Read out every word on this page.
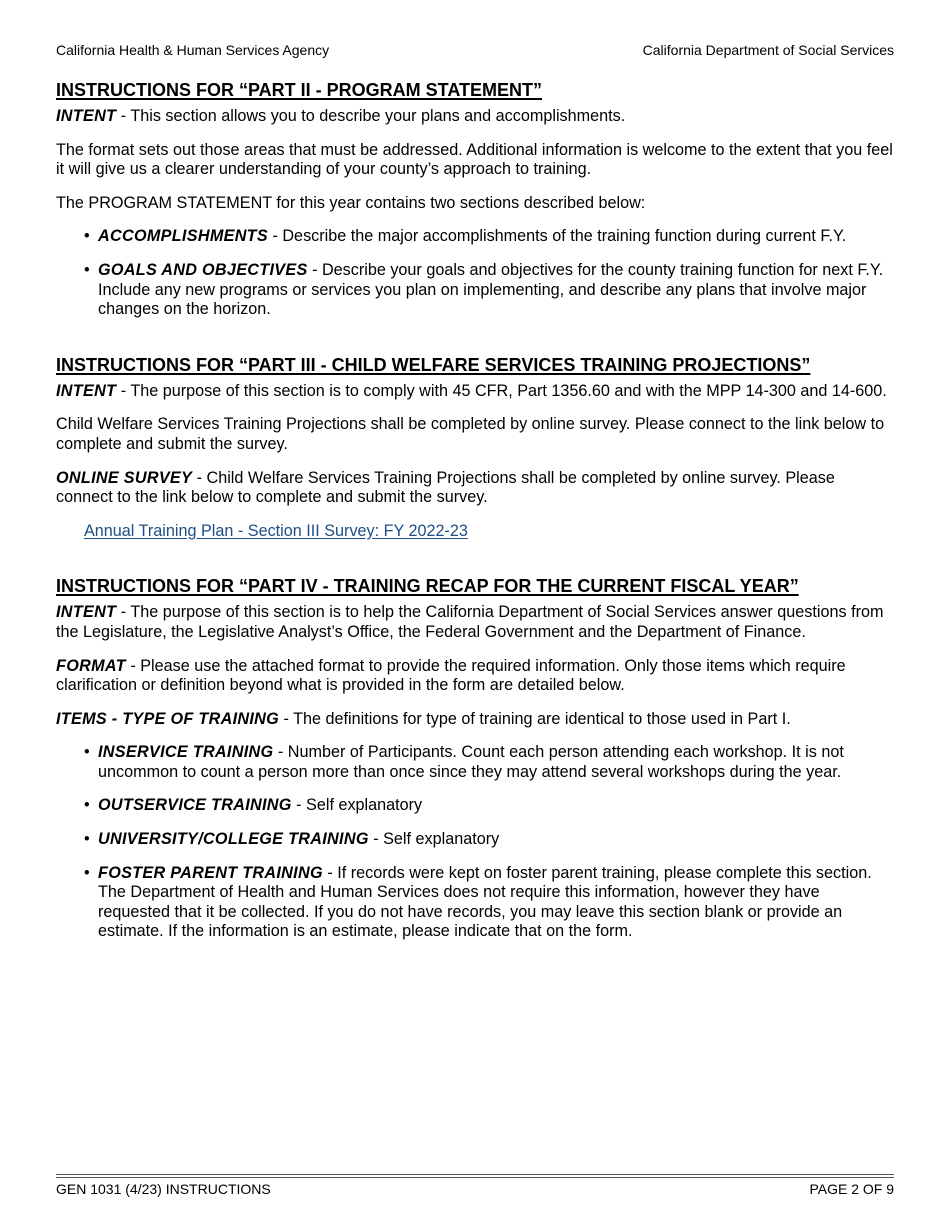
California Health & Human Services Agency	California Department of Social Services
INSTRUCTIONS FOR “PART II - PROGRAM STATEMENT”

INTENT - This section allows you to describe your plans and accomplishments.

The format sets out those areas that must be addressed. Additional information is welcome to the extent that you feel it will give us a clearer understanding of your county’s approach to training.

The PROGRAM STATEMENT for this year contains two sections described below:

• ACCOMPLISHMENTS - Describe the major accomplishments of the training function during current F.Y.
• GOALS AND OBJECTIVES - Describe your goals and objectives for the county training function for next F.Y. Include any new programs or services you plan on implementing, and describe any plans that involve major changes on the horizon.
INSTRUCTIONS FOR “PART III - CHILD WELFARE SERVICES TRAINING PROJECTIONS”

INTENT - The purpose of this section is to comply with 45 CFR, Part 1356.60 and with the MPP 14-300 and 14-600.

Child Welfare Services Training Projections shall be completed by online survey. Please connect to the link below to complete and submit the survey.

ONLINE SURVEY - Child Welfare Services Training Projections shall be completed by online survey. Please connect to the link below to complete and submit the survey.

Annual Training Plan - Section III Survey: FY 2022-23

INSTRUCTIONS FOR “PART IV - TRAINING RECAP FOR THE CURRENT FISCAL YEAR”

INTENT - The purpose of this section is to help the California Department of Social Services answer questions from the Legislature, the Legislative Analyst’s Office, the Federal Government and the Department of Finance.

FORMAT - Please use the attached format to provide the required information. Only those items which require clarification or definition beyond what is provided in the form are detailed below.

ITEMS - TYPE OF TRAINING - The definitions for type of training are identical to those used in Part I.

• INSERVICE TRAINING - Number of Participants. Count each person attending each workshop. It is not uncommon to count a person more than once since they may attend several workshops during the year.
• OUTSERVICE TRAINING - Self explanatory
• UNIVERSITY/COLLEGE TRAINING - Self explanatory
• FOSTER PARENT TRAINING - If records were kept on foster parent training, please complete this section. The Department of Health and Human Services does not require this information, however they have requested that it be collected. If you do not have records, you may leave this section blank or provide an estimate. If the information is an estimate, please indicate that on the form.
GEN 1031 (4/23) INSTRUCTIONS	PAGE 2 OF 9
